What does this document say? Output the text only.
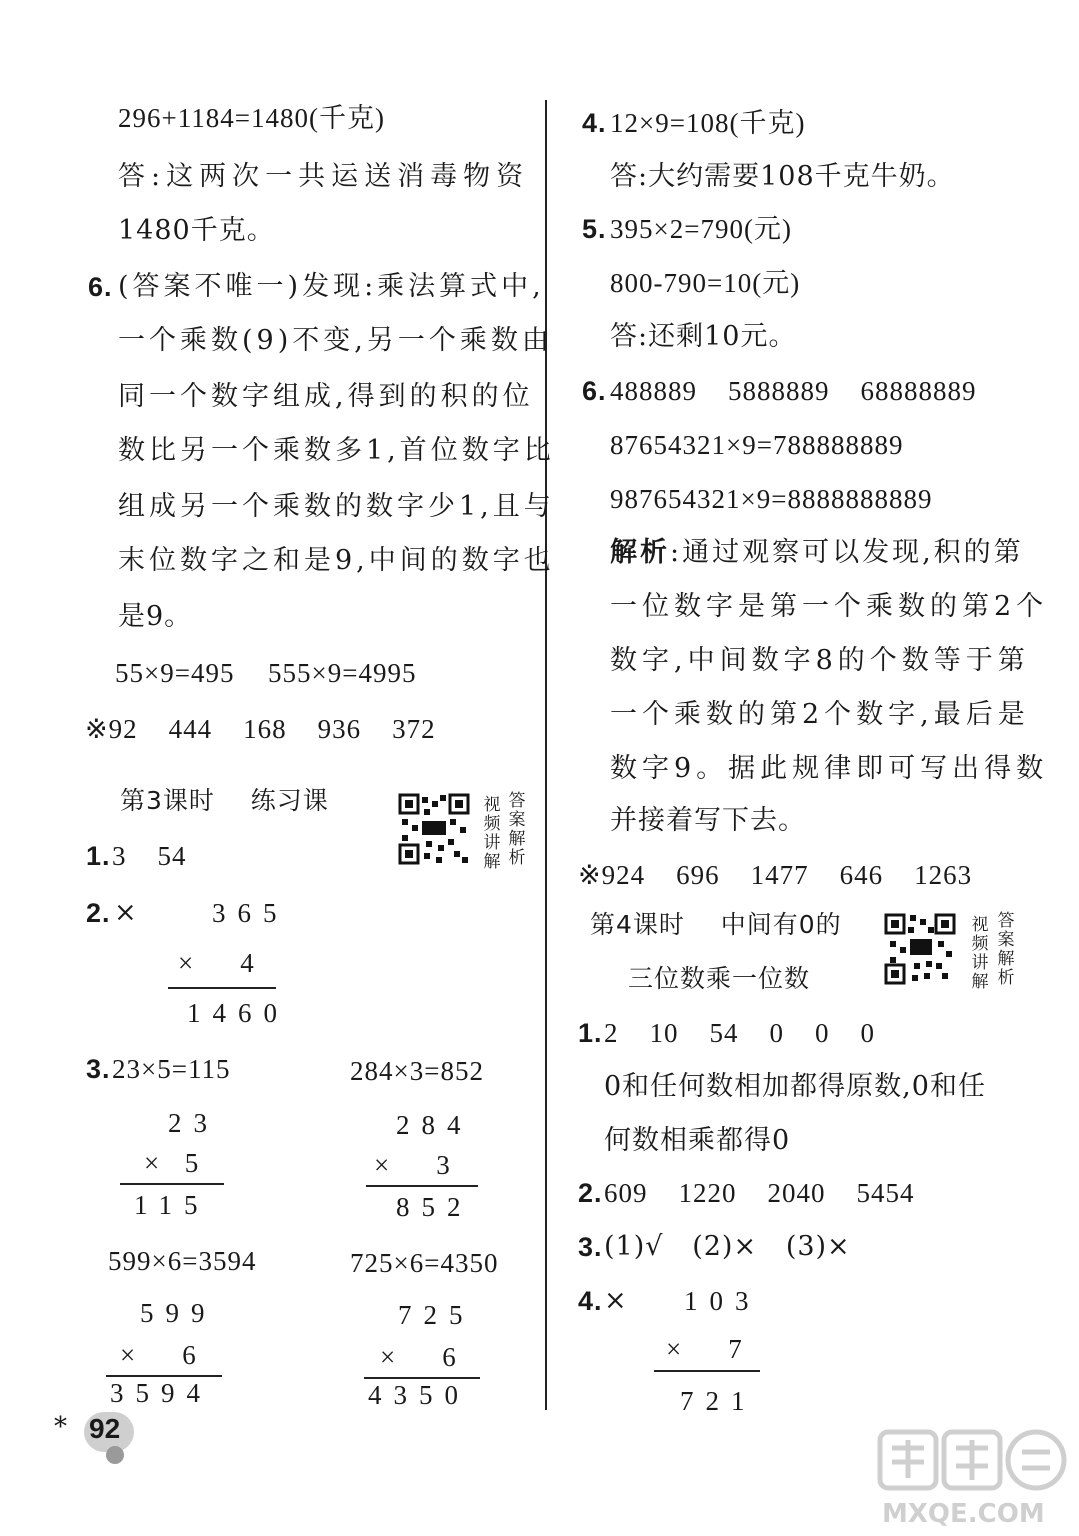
296+1184=1480(千克)
答:这两次一共运送消毒物资
1480千克。
6. (答案不唯一)发现:乘法算式中,
一个乘数(9)不变,另一个乘数由
同一个数字组成,得到的积的位
数比另一个乘数多1,首位数字比
组成另一个乘数的数字少1,且与
末位数字之和是9,中间的数字也
是9。
55×9=495 555×9=4995
※92    444    168    936    372
第3课时    练习课	视
频
讲
解
答
案
解
析
1. 3    54
2. ×	365
×    4
1460
3. 23×5=115
23
×  5
115
284×3=852
284
×    3
852
599×6=3594
599
×    6
3594
725×6=4350
725
×    6
4350
4. 12×9=108(千克)
答:大约需要108千克牛奶。
5. 395×2=790(元)
800-790=10(元)
答:还剩10元。
6. 488889    5888889    68888889
87654321×9=788888889
987654321×9=8888888889
解析:通过观察可以发现,积的第
一位数字是第一个乘数的第2个
数字,中间数字8的个数等于第
一个乘数的第2个数字,最后是
数字9。据此规律即可写出得数
并接着写下去。
※924    696    1477    646    1263
第4课时    中间有0的
三位数乘一位数
视
频
讲
解
答
案
解
析
1. 2    10    54    0    0    0
0和任何数相加都得原数,0和任
何数相乘都得0
2. 609    1220    2040    5454
3. (1)√   (2)×   (3)×
4. × 103
×    7
721
* 92
MXQE.COM
